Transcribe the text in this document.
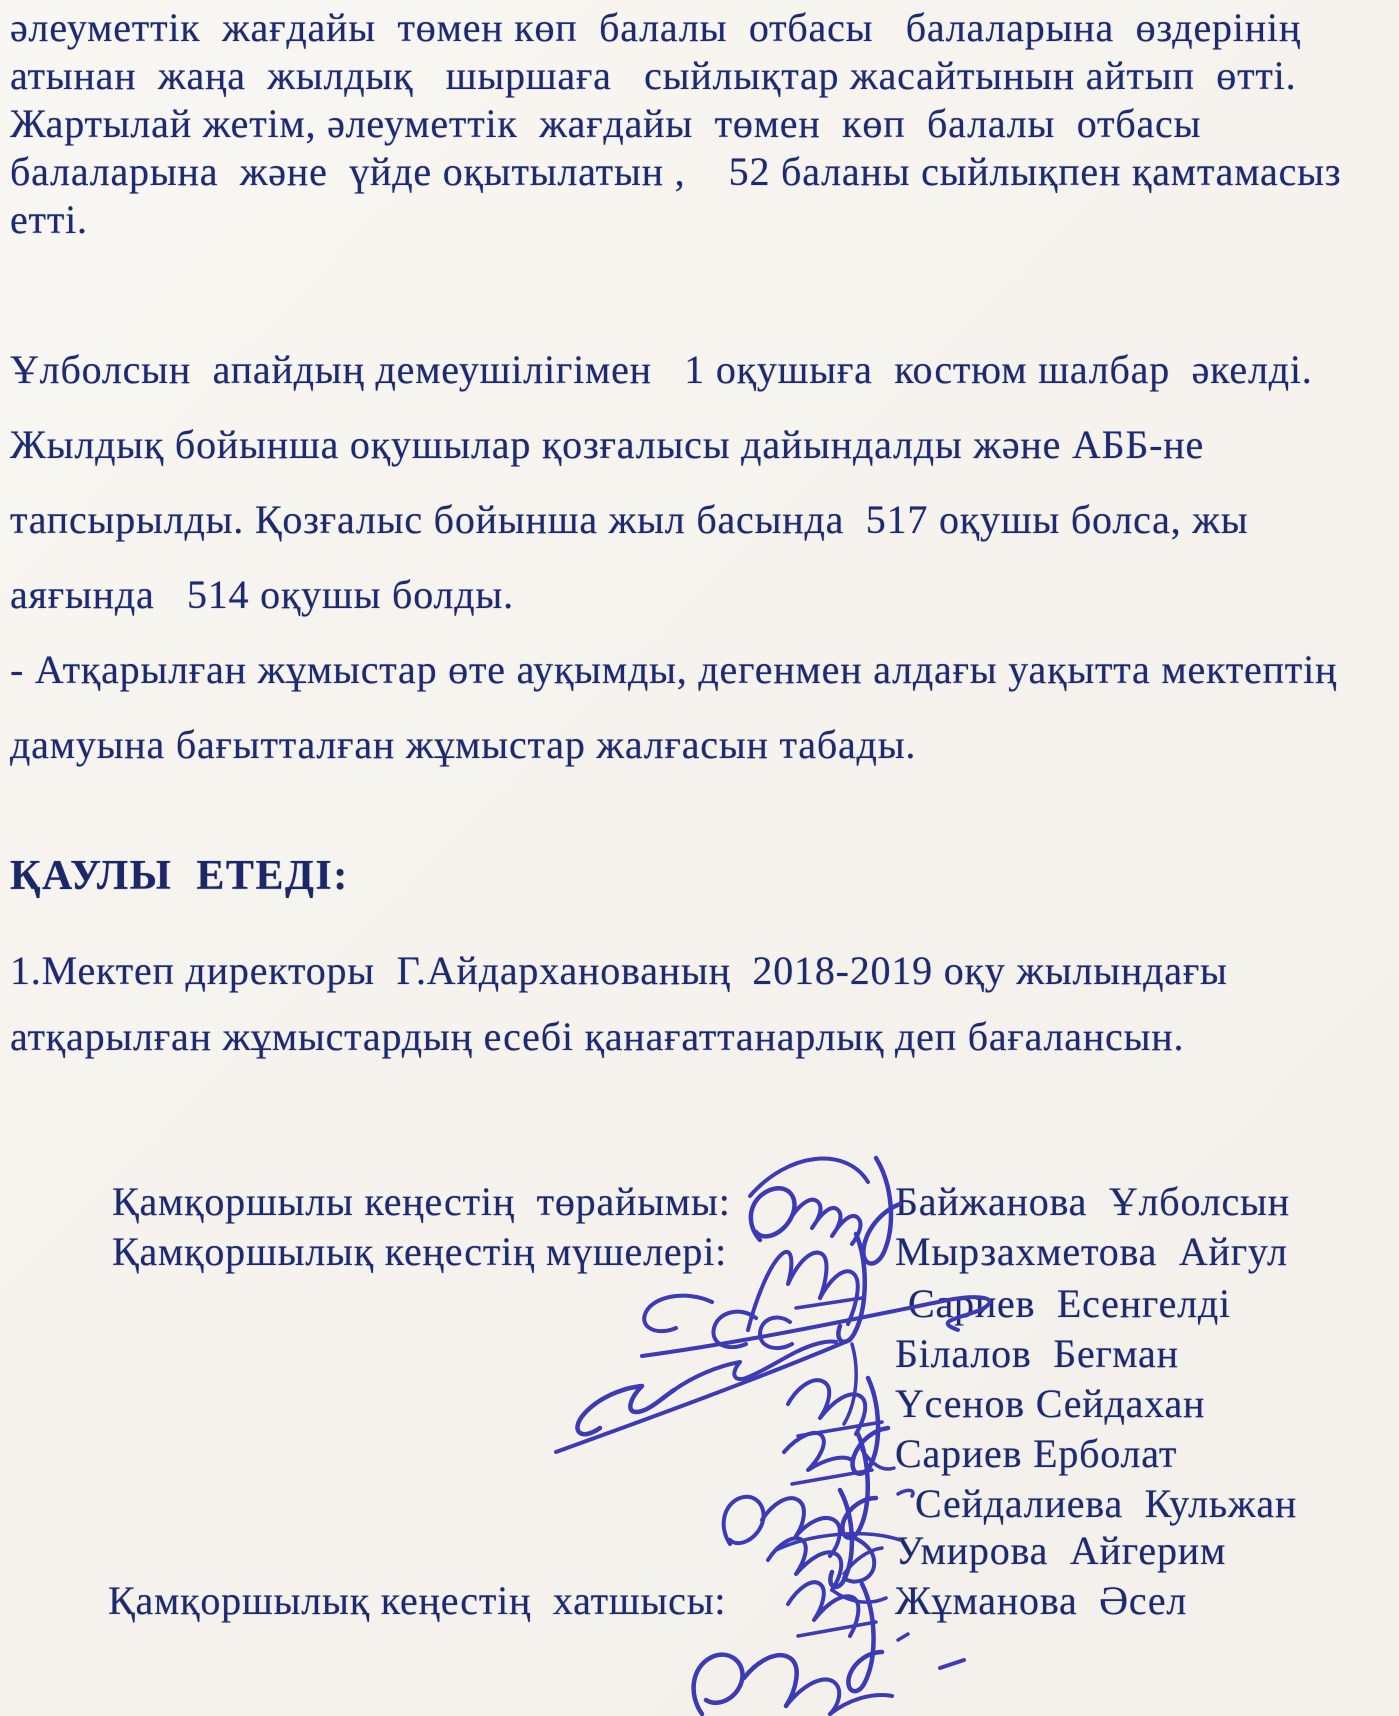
әлеуметтік  жағдайы  төмен көп  балалы  отбасы   балаларына  өздерінің
атынан  жаңа  жылдық   шыршаға   сыйлықтар жасайтынын айтып  өтті.
Жартылай жетім, әлеуметтік  жағдайы  төмен  көп  балалы  отбасы
балаларына  және  үйде оқытылатын ,    52 баланы сыйлықпен қамтамасыз
етті.
Ұлболсын  апайдың демеушілігімен   1 оқушыға  костюм шалбар  әкелді.
Жылдық бойынша оқушылар қозғалысы дайындалды және АББ-не
тапсырылды. Қозғалыс бойынша жыл басында  517 оқушы болса, жы
аяғында   514 оқушы болды.
- Атқарылған жұмыстар өте ауқымды, дегенмен алдағы уақытта мектептің
дамуына бағытталған жұмыстар жалғасын табады.
ҚАУЛЫ  ЕТЕДІ:
1.Мектеп директоры  Г.Айдарханованың  2018-2019 оқу жылындағы
атқарылған жұмыстардың есебі қанағаттанарлық деп бағалансын.
Қамқоршылы кеңестің  төрайымы:	Байжанова  Ұлболсын
Қамқоршылық кеңестің мүшелері:	Мырзахметова  Айгул
Сариев  Есенгелді
Білалов  Бегман
Үсенов Сейдахан
Сариев Ерболат
Сейдалиева  Кульжан
Умирова  Айгерим
Қамқоршылық кеңестің  хатшысы:	Жұманова  Әсел
